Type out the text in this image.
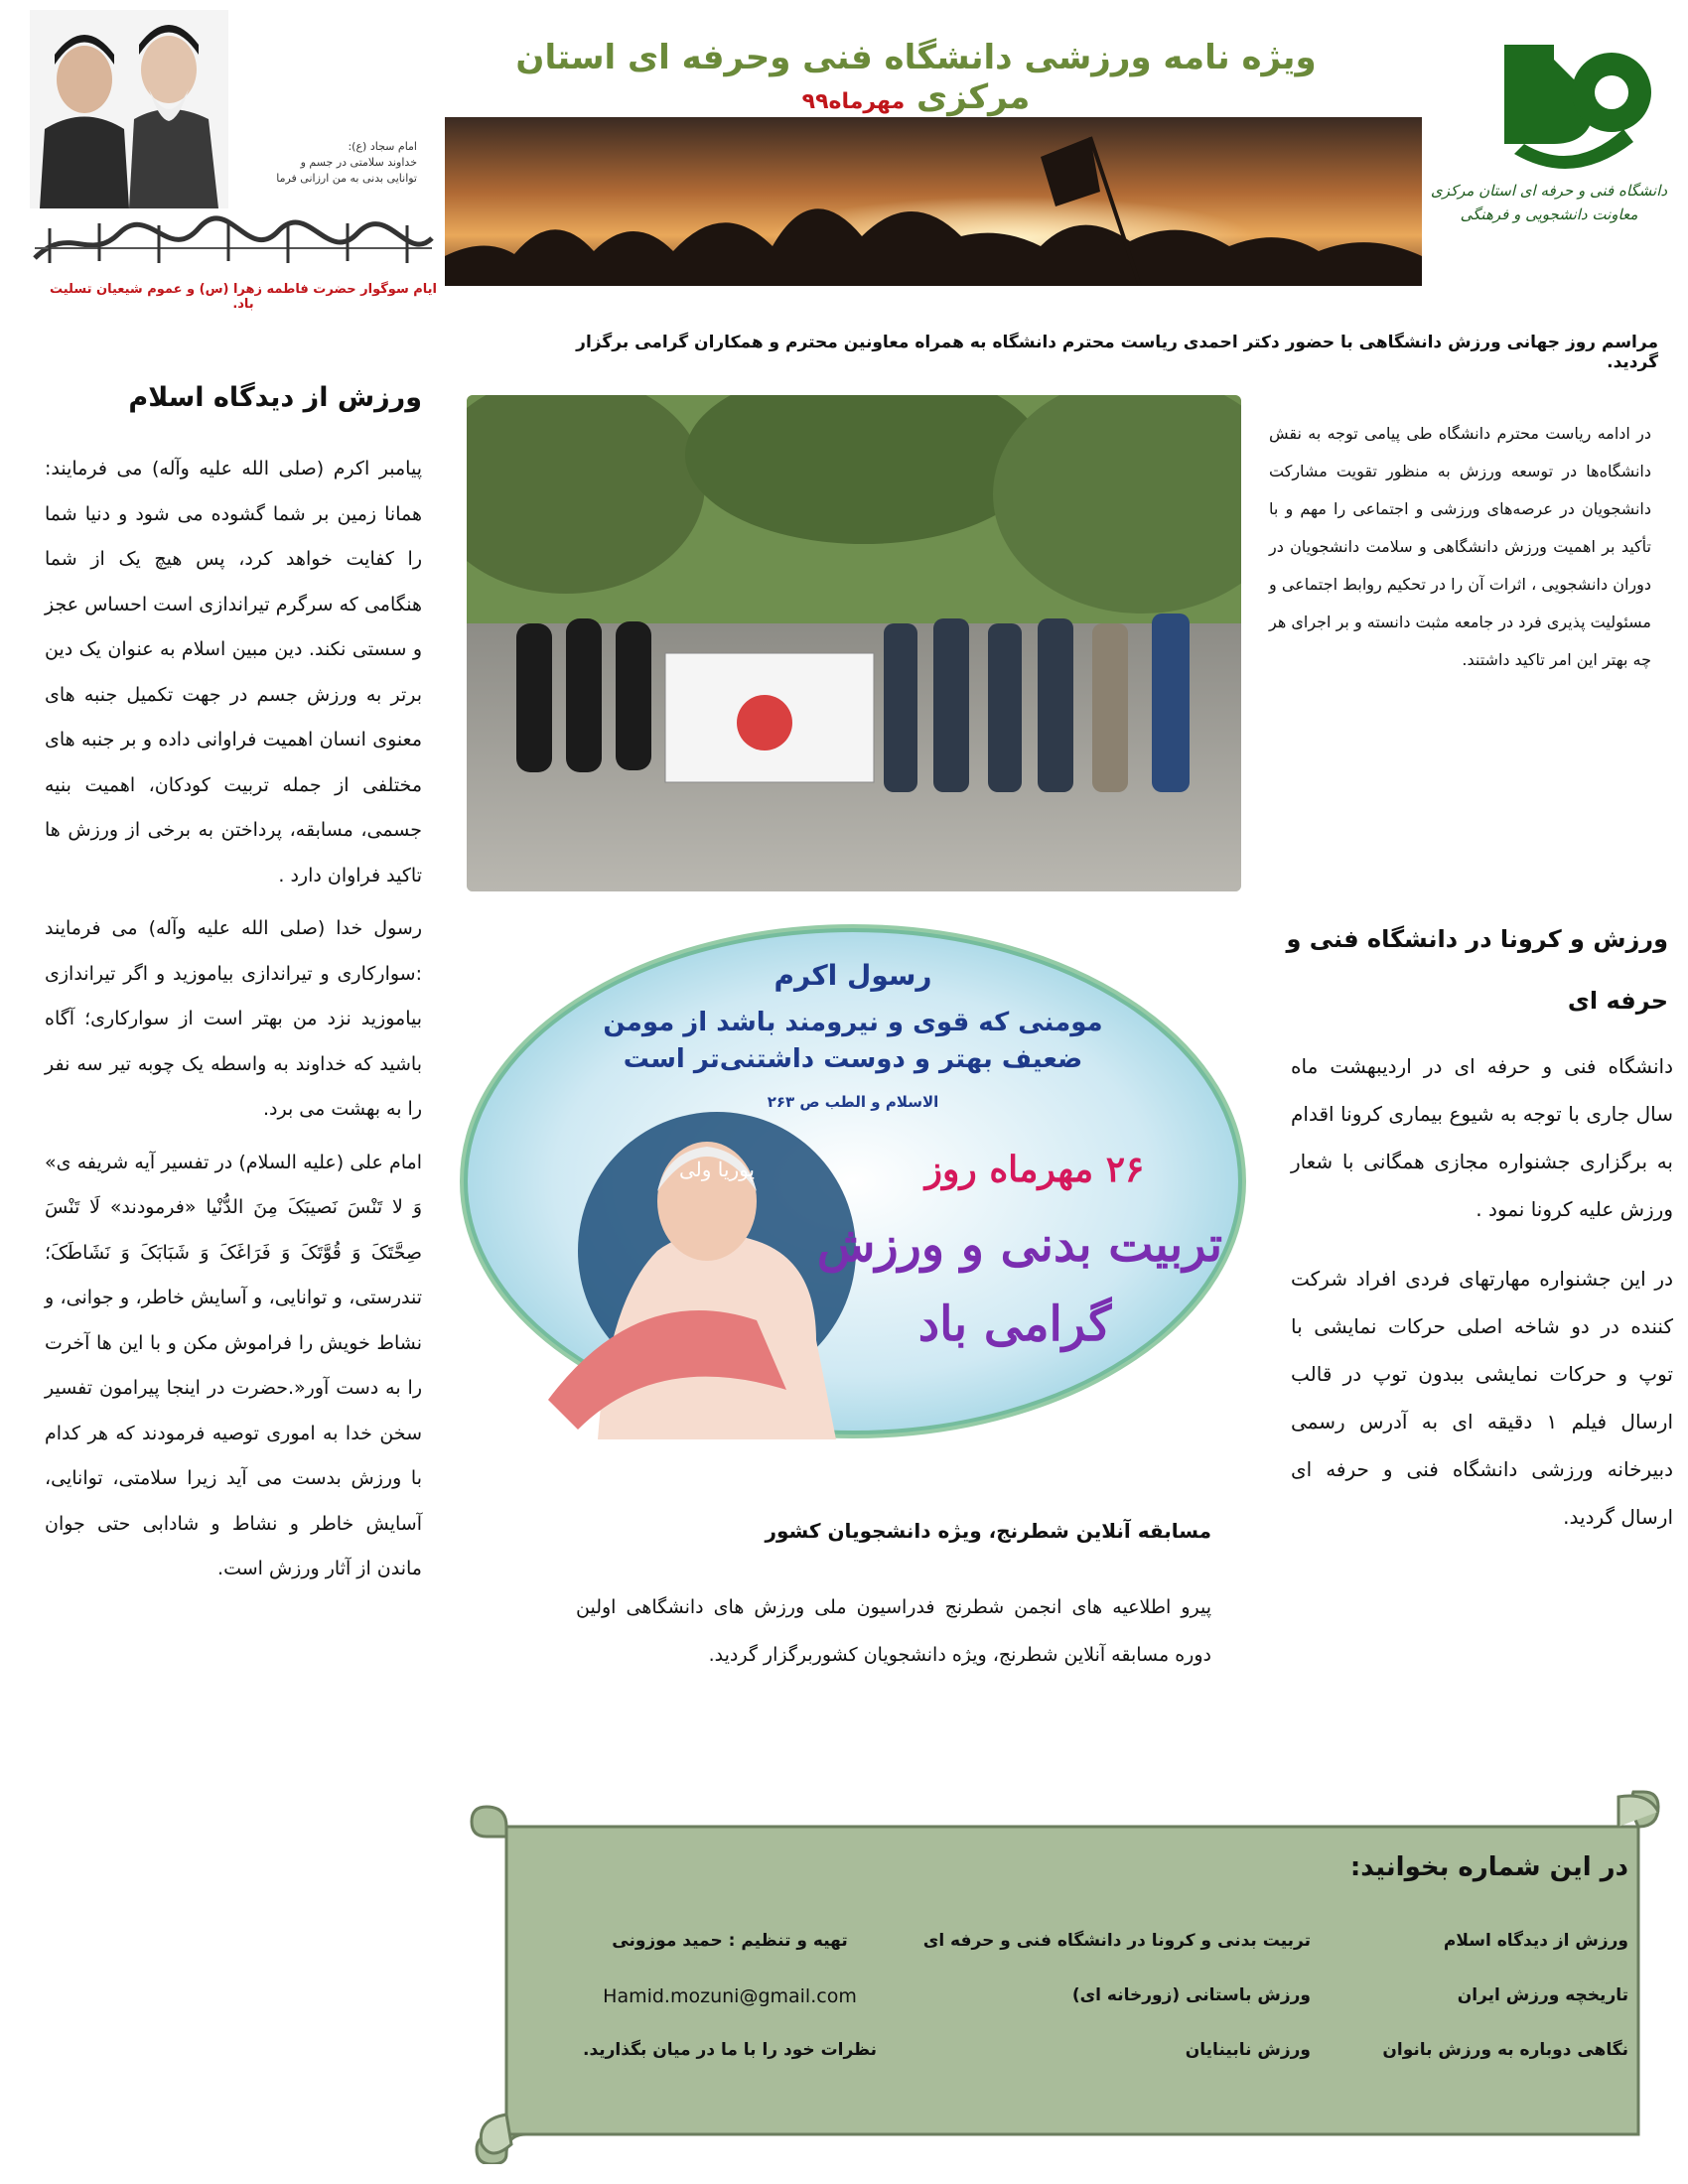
دانشگاه فنی و حرفه ای استان مرکزی
معاونت دانشجویی و فرهنگی
ویژه نامه ورزشی دانشگاه فنی وحرفه ای استان مرکزی مهرماه۹۹
امام سجاد (ع):
خداوند سلامتی در جسم و
توانایی بدنی به من ارزانی فرما
ایام سوگوار حضرت فاطمه زهرا (س) و عموم شیعیان تسلیت باد.
مراسم روز جهانی ورزش دانشگاهی با حضور دکتر احمدی ریاست محترم دانشگاه به همراه معاونین محترم و همکاران گرامی برگزار گردید.
در ادامه ریاست محترم دانشگاه طی پیامی توجه به نقش دانشگاه‌ها در توسعه ورزش به منظور تقویت مشارکت دانشجویان در عرصه‌های ورزشی و اجتماعی را مهم و با تأکید بر اهمیت ورزش دانشگاهی و سلامت دانشجویان در دوران دانشجویی ، اثرات آن را در تحکیم روابط اجتماعی و مسئولیت پذیری فرد در جامعه مثبت دانسته و بر اجرای هر چه بهتر این امر تاکید داشتند.
ورزش از دیدگاه اسلام

پیامبر اکرم (صلی الله علیه وآله) می فرمایند: همانا زمین بر شما گشوده می شود و دنیا شما را کفایت خواهد کرد، پس هیچ یک از شما هنگامی که سرگرم تیراندازی است احساس عجز و سستی نکند. دین مبین اسلام به عنوان یک دین برتر به ورزش جسم در جهت تکمیل جنبه های معنوی انسان اهمیت فراوانی داده و بر جنبه های مختلفی از جمله تربیت کودکان، اهمیت بنیه جسمی، مسابقه، پرداختن به برخی از ورزش ها تاکید فراوان دارد .

رسول خدا (صلی الله علیه وآله) می فرمایند :سوارکاری و تیراندازی بیاموزید و اگر تیراندازی بیاموزید نزد من بهتر است از سوارکاری؛ آگاه باشید که خداوند به واسطه یک چوبه تیر سه نفر را به بهشت می برد.

امام علی (علیه السلام) در تفسیر آیه شریفه ی» وَ لا تَنْسَ نَصیبَکَ مِنَ الدُّنْیا «فرمودند» لَا تَنْسَ صِحَّتَکَ وَ قُوَّتَکَ وَ فَرَاغَکَ وَ شَبَابَکَ وَ نَشَاطَکَ؛ تندرستی، و توانایی، و آسایش خاطر، و جوانی، و نشاط خویش را فراموش مکن و با این ها آخرت را به دست آور«.حضرت در اینجا پیرامون تفسیر سخن خدا به اموری توصیه فرمودند که هر کدام با ورزش بدست می آید زیرا سلامتی، توانایی، آسایش خاطر و نشاط و شادابی حتی جوان ماندن از آثار ورزش است.

رسول اکرم
مومنی که قوی و نیرومند باشد از مومن
ضعیف بهتر و دوست داشتنی‌تر است
الاسلام و الطب ص ۲۶۳
پوریا ولی	۲۶ مهرماه روز
تربیت بدنی و ورزش
گرامی باد
ورزش و کرونا در دانشگاه فنی و حرفه ای

دانشگاه فنی و حرفه ای در اردیبهشت ماه سال جاری با توجه به شیوع بیماری کرونا اقدام به برگزاری جشنواره مجازی همگانی با شعار ورزش علیه کرونا نمود .

در این جشنواره مهارتهای فردی افراد شرکت کننده در دو شاخه اصلی حرکات نمایشی با توپ و حرکات نمایشی ببدون توپ در قالب ارسال فیلم ۱ دقیقه ای به آدرس رسمی دبیرخانه ورزشی دانشگاه فنی و حرفه ای ارسال گردید.

مسابقه آنلاین شطرنج، ویژه دانشجویان کشور
پیرو اطلاعیه های انجمن شطرنج فدراسیون ملی ورزش های دانشگاهی اولین دوره مسابقه آنلاین شطرنج، ویژه دانشجویان کشوربرگزار گردید.
در این شماره بخوانید:
ورزش از دیدگاه اسلام
تاریخچه ورزش ایران
نگاهی دوباره به ورزش بانوان
تربیت بدنی و کرونا در دانشگاه فنی و حرفه ای
ورزش باستانی (زورخانه ای)
ورزش نابینایان
تهیه و تنظیم : حمید موزونی
Hamid.mozuni@gmail.com
نظرات خود را با ما در میان بگذارید.
